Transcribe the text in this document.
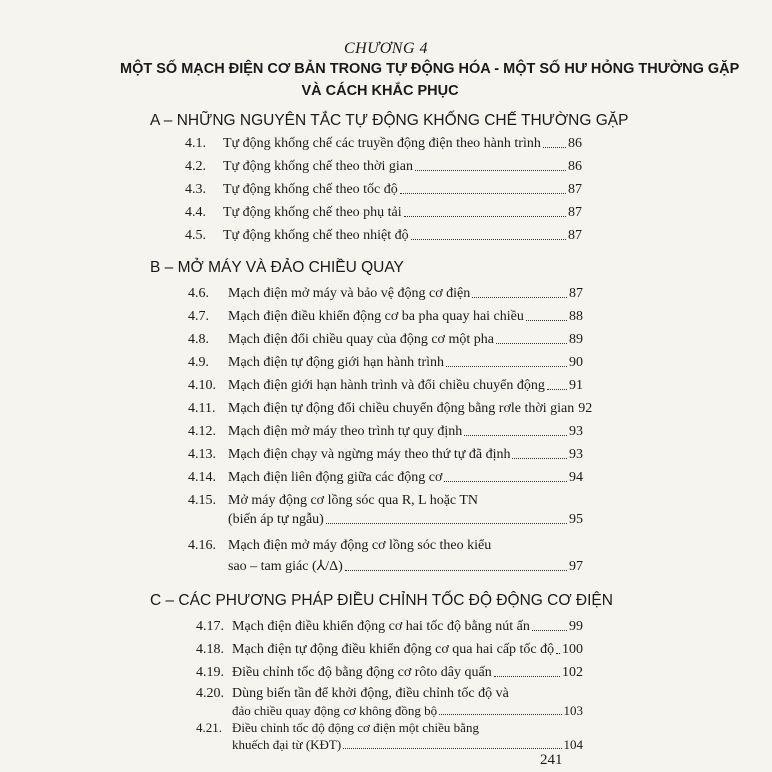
CHƯƠNG 4
MỘT SỐ MẠCH ĐIỆN CƠ BẢN TRONG TỰ ĐỘNG HÓA - MỘT SỐ HƯ HỎNG THƯỜNG GẶP
VÀ CÁCH KHẮC PHỤC
A – NHỮNG NGUYÊN TẮC TỰ ĐỘNG KHỐNG CHẾ THƯỜNG GẶP
4.1.	Tự động khống chế các truyền động điện theo hành trình 86
4.2.	Tự động khống chế theo thời gian	86
4.3.	Tự động khống chế theo tốc độ	87
4.4.	Tự động khống chế theo phụ tải	87
4.5.	Tự động khống chế theo nhiệt độ	87
B – MỞ MÁY VÀ ĐẢO CHIỀU QUAY
4.6.	Mạch điện mở máy và bảo vệ động cơ điện	87
4.7.	Mạch điện điều khiển động cơ ba pha quay hai chiều	88
4.8.	Mạch điện đổi chiều quay của động cơ một pha	89
4.9.	Mạch điện tự động giới hạn hành trình	90
4.10. Mạch điện giới hạn hành trình và đổi chiều chuyển động 91
4.11. Mạch điện tự động đổi chiều chuyển động bằng rơle thời gian 92
4.12. Mạch điện mở máy theo trình tự quy định	93
4.13. Mạch điện chạy và ngừng máy theo thứ tự đã định	93
4.14. Mạch điện liên động giữa các động cơ	94
4.15. Mở máy động cơ lồng sóc qua R, L hoặc TN
(biến áp tự ngẫu)	95
4.16. Mạch điện mở máy động cơ lồng sóc theo kiểu
sao – tam giác (⅄/Δ)	97
C – CÁC PHƯƠNG PHÁP ĐIỀU CHỈNH TỐC ĐỘ ĐỘNG CƠ ĐIỆN
4.17. Mạch điện điều khiển động cơ hai tốc độ bằng nút ấn	99
4.18. Mạch điện tự động điều khiển động cơ qua hai cấp tốc độ 100
4.19. Điều chỉnh tốc độ bằng động cơ rôto dây quấn	102
4.20. Dùng biến tần để khởi động, điều chỉnh tốc độ và
đảo chiều quay động cơ không đồng bộ	103
4.21. Điều chỉnh tốc độ động cơ điện một chiều bằng
khuếch đại từ (KĐT)	104
241
